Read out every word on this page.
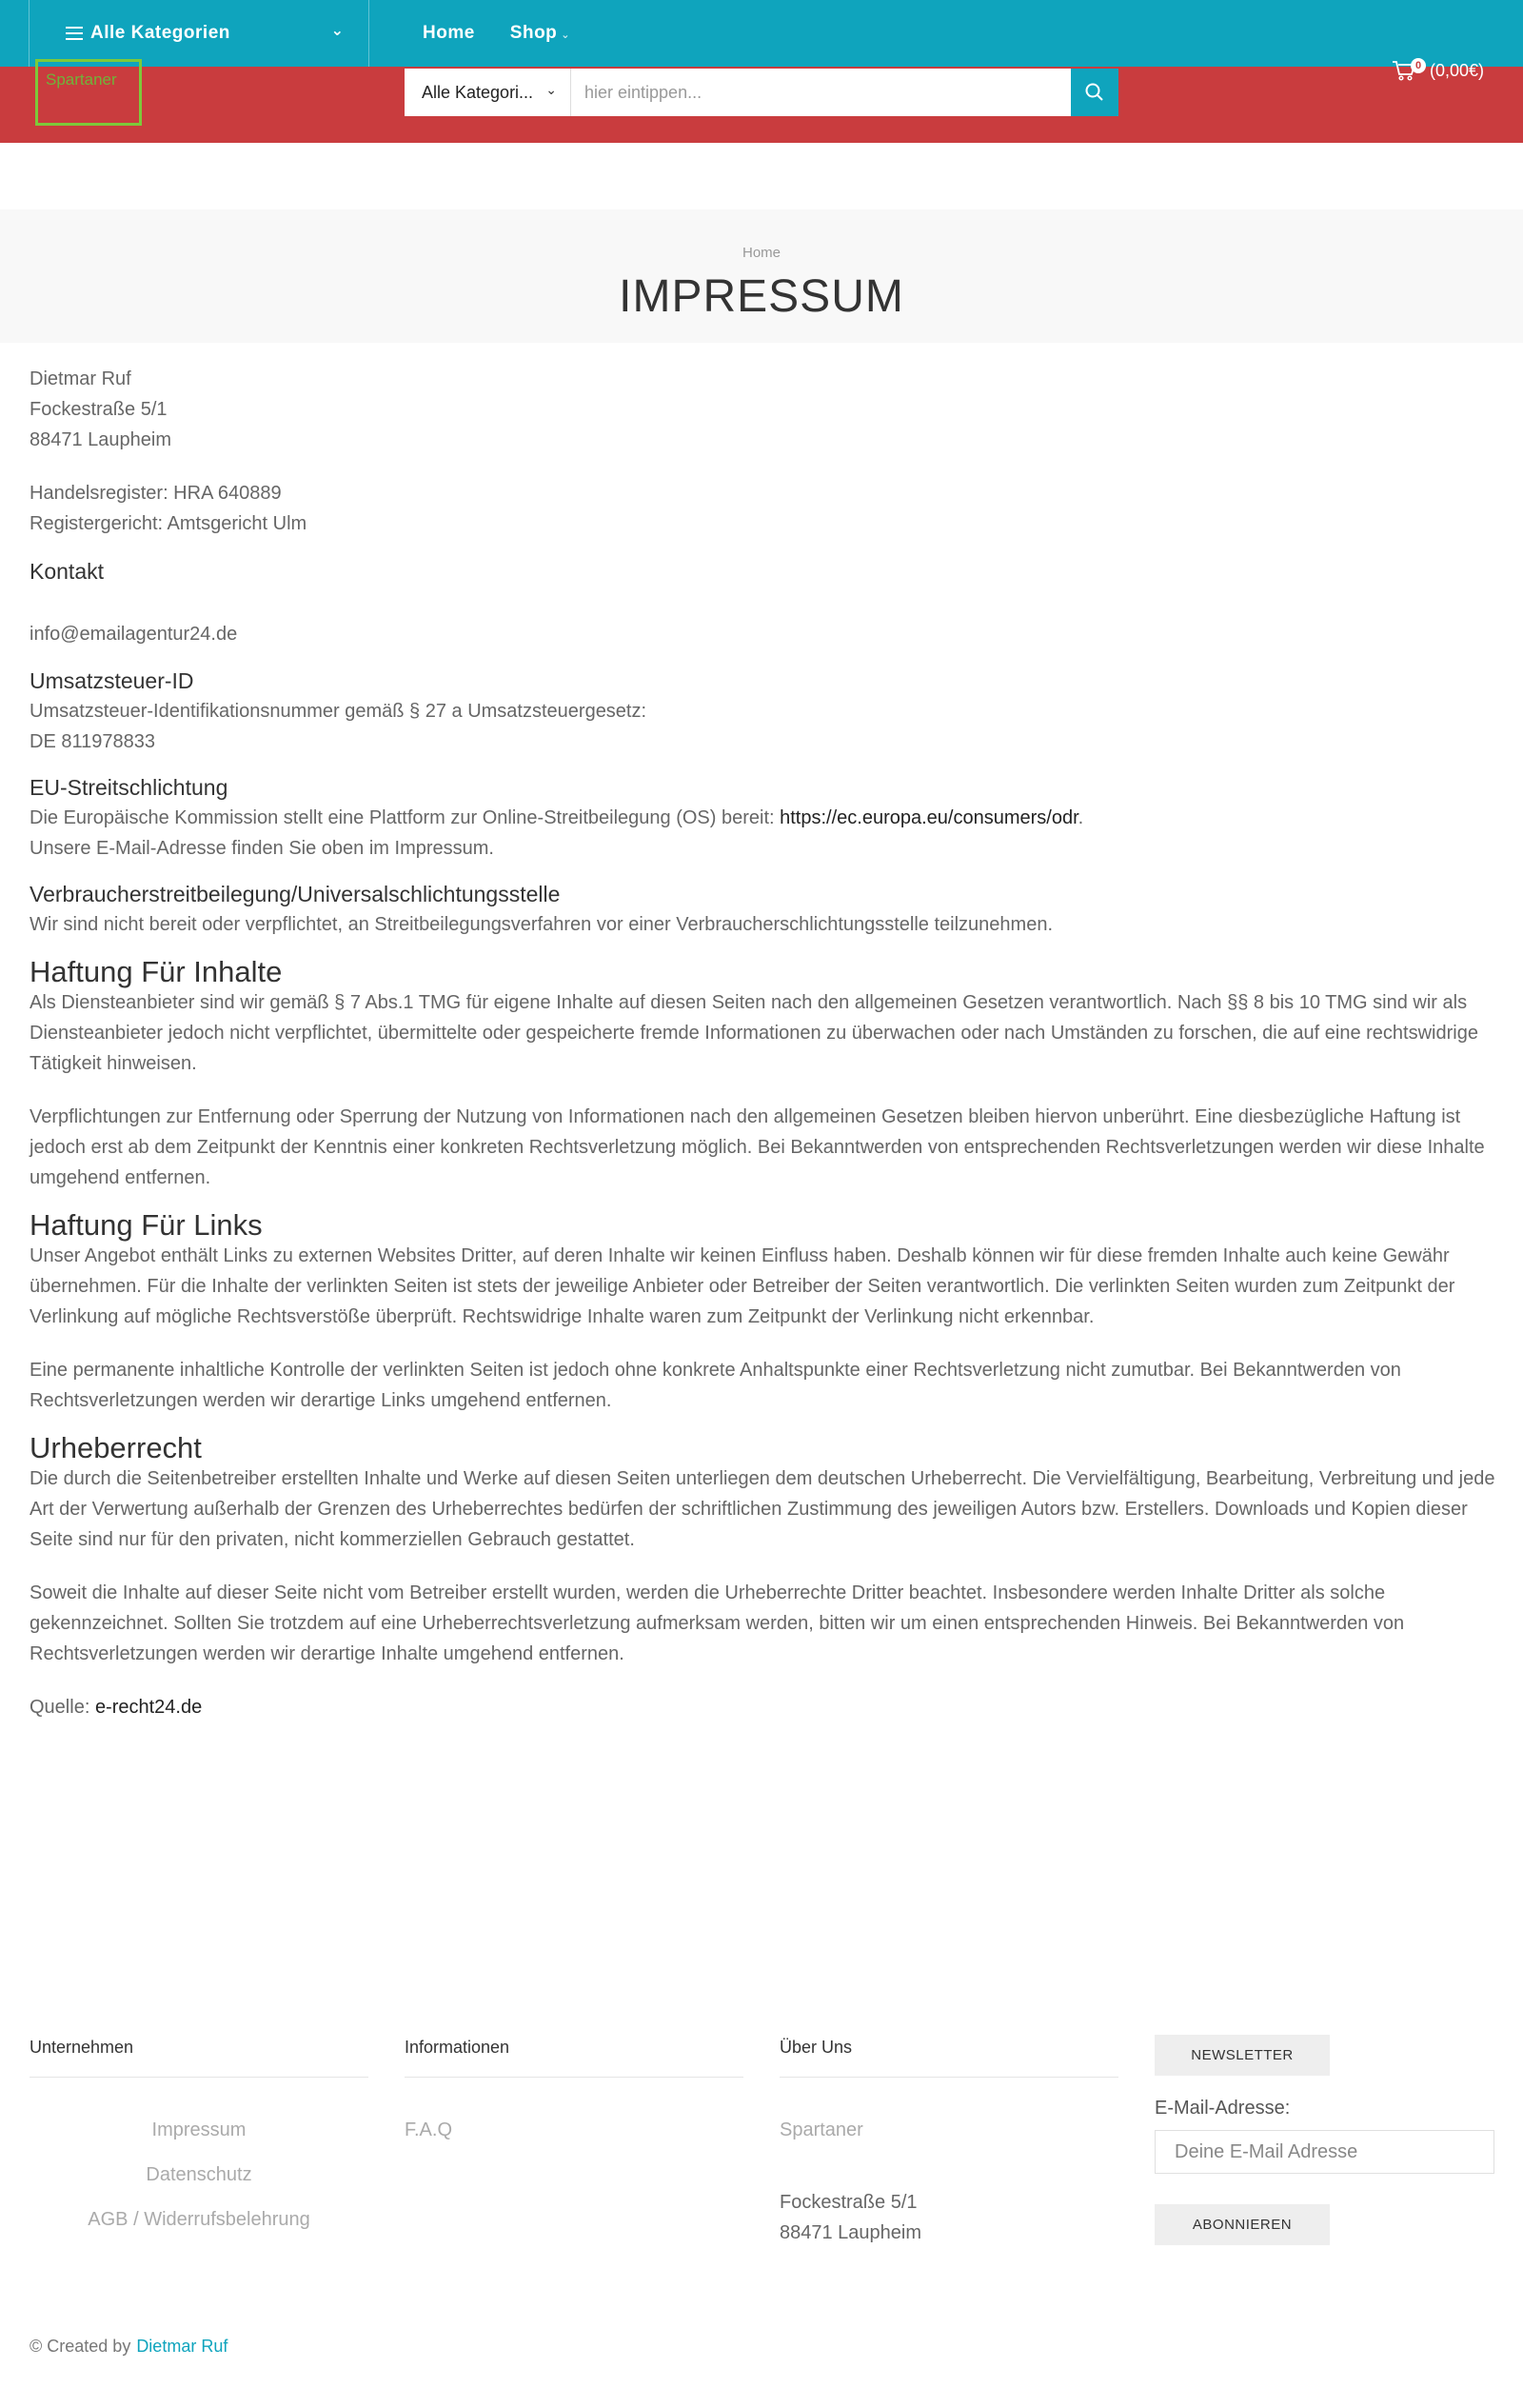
Alle Kategorien	⌄	Home Shop ⌄
Spartaner
Alle Kategori... ⌄
hier eintippen...
0 (0,00€)
Home
IMPRESSUM

Dietmar Ruf

Fockestraße 5/1

88471 Laupheim

Handelsregister: HRA 640889

Registergericht: Amtsgericht Ulm

Kontakt

info@emailagentur24.de

Umsatzsteuer-ID

Umsatzsteuer-Identifikationsnummer gemäß § 27 a Umsatzsteuergesetz:

DE 811978833

EU-Streitschlichtung

Die Europäische Kommission stellt eine Plattform zur Online-Streitbeilegung (OS) bereit: https://ec.europa.eu/consumers/odr.

Unsere E-Mail-Adresse finden Sie oben im Impressum.

Verbraucherstreitbeilegung/Universalschlichtungsstelle

Wir sind nicht bereit oder verpflichtet, an Streitbeilegungsverfahren vor einer Verbraucherschlichtungsstelle teilzunehmen.

Haftung Für Inhalte

Als Diensteanbieter sind wir gemäß § 7 Abs.1 TMG für eigene Inhalte auf diesen Seiten nach den allgemeinen Gesetzen verantwortlich. Nach §§ 8 bis 10 TMG sind wir als Diensteanbieter jedoch nicht verpflichtet, übermittelte oder gespeicherte fremde Informationen zu überwachen oder nach Umständen zu forschen, die auf eine rechtswidrige Tätigkeit hinweisen.

Verpflichtungen zur Entfernung oder Sperrung der Nutzung von Informationen nach den allgemeinen Gesetzen bleiben hiervon unberührt. Eine diesbezügliche Haftung ist jedoch erst ab dem Zeitpunkt der Kenntnis einer konkreten Rechtsverletzung möglich. Bei Bekanntwerden von entsprechenden Rechtsverletzungen werden wir diese Inhalte umgehend entfernen.

Haftung Für Links

Unser Angebot enthält Links zu externen Websites Dritter, auf deren Inhalte wir keinen Einfluss haben. Deshalb können wir für diese fremden Inhalte auch keine Gewähr übernehmen. Für die Inhalte der verlinkten Seiten ist stets der jeweilige Anbieter oder Betreiber der Seiten verantwortlich. Die verlinkten Seiten wurden zum Zeitpunkt der Verlinkung auf mögliche Rechtsverstöße überprüft. Rechtswidrige Inhalte waren zum Zeitpunkt der Verlinkung nicht erkennbar.

Eine permanente inhaltliche Kontrolle der verlinkten Seiten ist jedoch ohne konkrete Anhaltspunkte einer Rechtsverletzung nicht zumutbar. Bei Bekanntwerden von Rechtsverletzungen werden wir derartige Links umgehend entfernen.

Urheberrecht

Die durch die Seitenbetreiber erstellten Inhalte und Werke auf diesen Seiten unterliegen dem deutschen Urheberrecht. Die Vervielfältigung, Bearbeitung, Verbreitung und jede Art der Verwertung außerhalb der Grenzen des Urheberrechtes bedürfen der schriftlichen Zustimmung des jeweiligen Autors bzw. Erstellers. Downloads und Kopien dieser Seite sind nur für den privaten, nicht kommerziellen Gebrauch gestattet.

Soweit die Inhalte auf dieser Seite nicht vom Betreiber erstellt wurden, werden die Urheberrechte Dritter beachtet. Insbesondere werden Inhalte Dritter als solche gekennzeichnet. Sollten Sie trotzdem auf eine Urheberrechtsverletzung aufmerksam werden, bitten wir um einen entsprechenden Hinweis. Bei Bekanntwerden von Rechtsverletzungen werden wir derartige Inhalte umgehend entfernen.

Quelle: e-recht24.de

Unternehmen
Impressum
Datenschutz
AGB / Widerrufsbelehrung
Informationen
F.A.Q
Über Uns
Spartaner
Fockestraße 5/1
88471 Laupheim
NEWSLETTER
E-Mail-Adresse:
Deine E-Mail Adresse
ABONNIEREN
© Created by Dietmar Ruf
